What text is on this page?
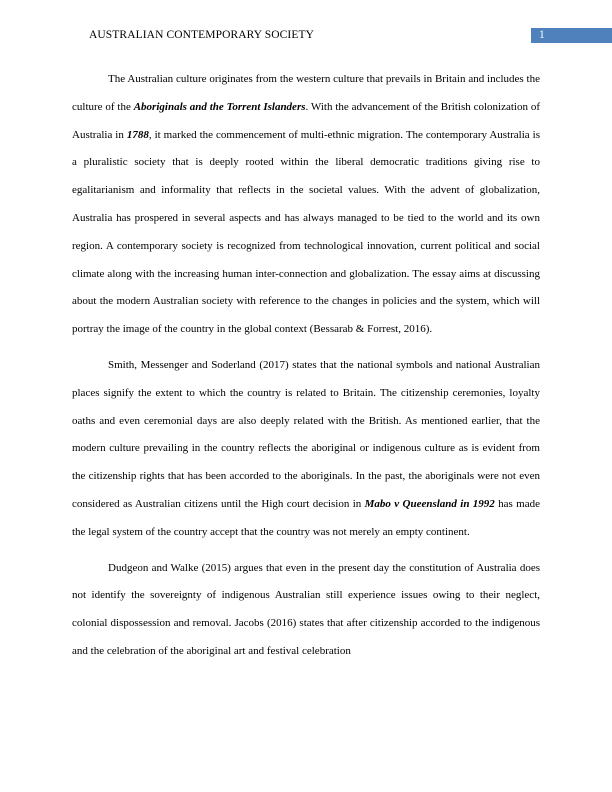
AUSTRALIAN CONTEMPORARY SOCIETY	1

The Australian culture originates from the western culture that prevails in Britain and includes the culture of the Aboriginals and the Torrent Islanders. With the advancement of the British colonization of Australia in 1788, it marked the commencement of multi-ethnic migration. The contemporary Australia is a pluralistic society that is deeply rooted within the liberal democratic traditions giving rise to egalitarianism and informality that reflects in the societal values. With the advent of globalization, Australia has prospered in several aspects and has always managed to be tied to the world and its own region. A contemporary society is recognized from technological innovation, current political and social climate along with the increasing human inter-connection and globalization. The essay aims at discussing about the modern Australian society with reference to the changes in policies and the system, which will portray the image of the country in the global context (Bessarab & Forrest, 2016).

Smith, Messenger and Soderland (2017) states that the national symbols and national Australian places signify the extent to which the country is related to Britain. The citizenship ceremonies, loyalty oaths and even ceremonial days are also deeply related with the British. As mentioned earlier, that the modern culture prevailing in the country reflects the aboriginal or indigenous culture as is evident from the citizenship rights that has been accorded to the aboriginals. In the past, the aboriginals were not even considered as Australian citizens until the High court decision in Mabo v Queensland in 1992 has made the legal system of the country accept that the country was not merely an empty continent.

Dudgeon and Walke (2015) argues that even in the present day the constitution of Australia does not identify the sovereignty of indigenous Australian still experience issues owing to their neglect, colonial dispossession and removal. Jacobs (2016) states that after citizenship accorded to the indigenous and the celebration of the aboriginal art and festival celebration
